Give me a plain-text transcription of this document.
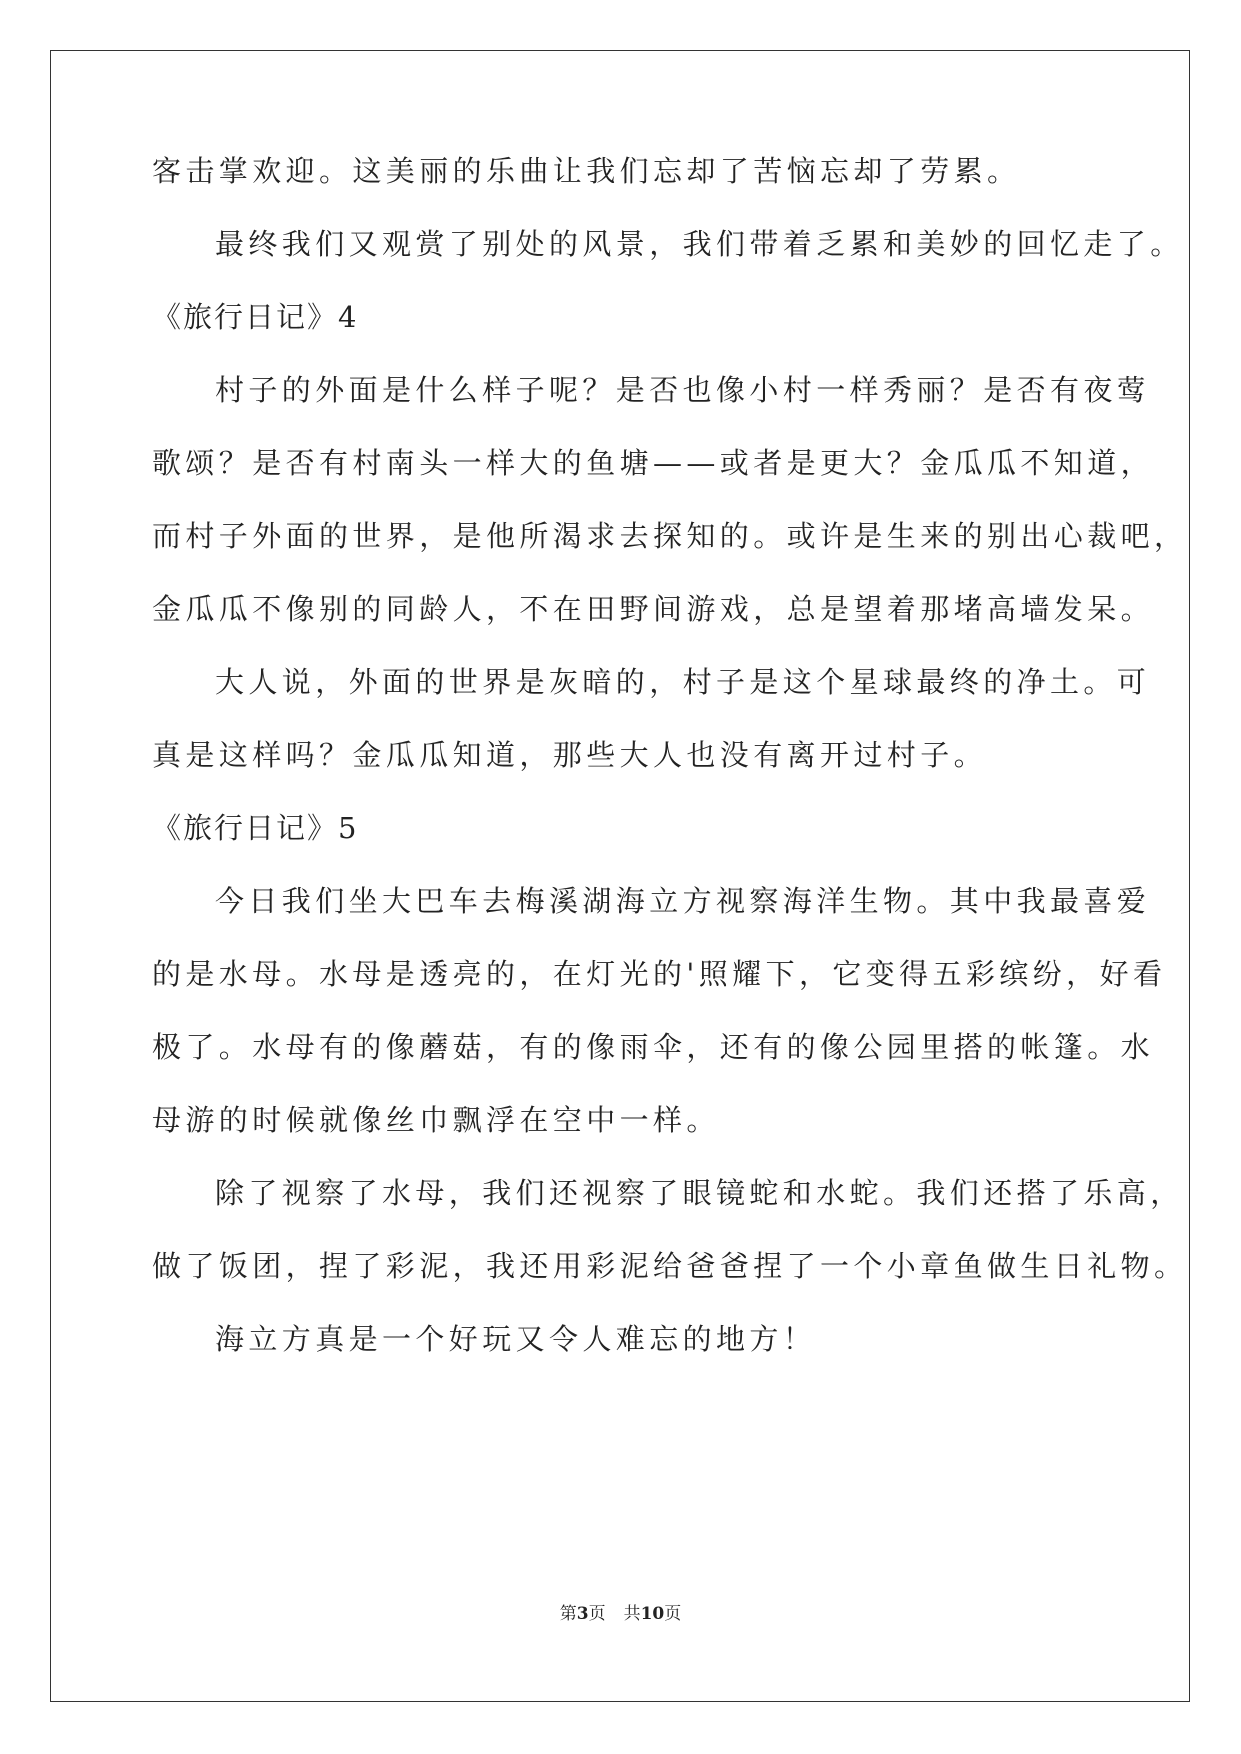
客击掌欢迎。这美丽的乐曲让我们忘却了苦恼忘却了劳累。
最终我们又观赏了别处的风景，我们带着乏累和美妙的回忆走了。
《旅行日记》4
村子的外面是什么样子呢？是否也像小村一样秀丽？是否有夜莺
歌颂？是否有村南头一样大的鱼塘——或者是更大？金瓜瓜不知道，
而村子外面的世界，是他所渴求去探知的。或许是生来的别出心裁吧，
金瓜瓜不像别的同龄人，不在田野间游戏，总是望着那堵高墙发呆。
大人说，外面的世界是灰暗的，村子是这个星球最终的净土。可
真是这样吗？金瓜瓜知道，那些大人也没有离开过村子。
《旅行日记》5
今日我们坐大巴车去梅溪湖海立方视察海洋生物。其中我最喜爱
的是水母。水母是透亮的，在灯光的'照耀下，它变得五彩缤纷，好看
极了。水母有的像蘑菇，有的像雨伞，还有的像公园里搭的帐篷。水
母游的时候就像丝巾飘浮在空中一样。
除了视察了水母，我们还视察了眼镜蛇和水蛇。我们还搭了乐高，
做了饭团，捏了彩泥，我还用彩泥给爸爸捏了一个小章鱼做生日礼物。
海立方真是一个好玩又令人难忘的地方！
第3页 共10页
